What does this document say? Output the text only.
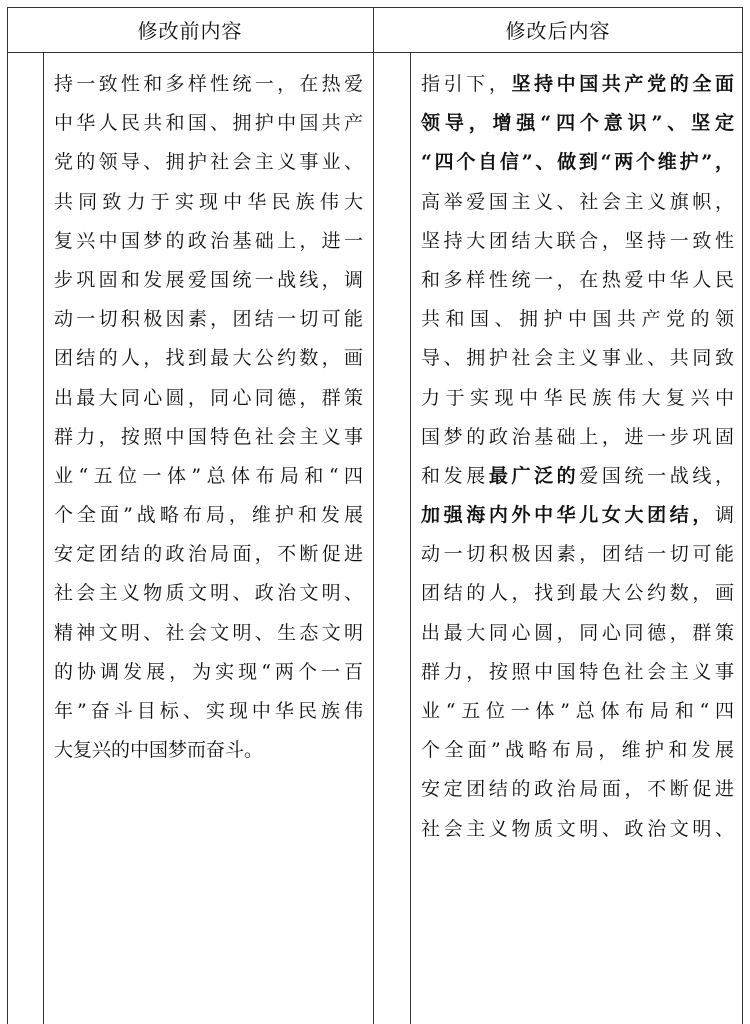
修改前内容	修改后内容
持一致性和多样性统一，在热爱
中华人民共和国、拥护中国共产
党的领导、拥护社会主义事业、
共同致力于实现中华民族伟大
复兴中国梦的政治基础上，进一
步巩固和发展爱国统一战线，调
动一切积极因素，团结一切可能
团结的人，找到最大公约数，画
出最大同心圆，同心同德，群策
群力，按照中国特色社会主义事
业“五位一体”总体布局和“四
个全面”战略布局，维护和发展
安定团结的政治局面，不断促进
社会主义物质文明、政治文明、
精神文明、社会文明、生态文明
的协调发展，为实现“两个一百
年”奋斗目标、实现中华民族伟
大复兴的中国梦而奋斗。
指引下，坚持中国共产党的全面
领导，增强“四个意识”、坚定
“四个自信”、做到“两个维护”，
高举爱国主义、社会主义旗帜，
坚持大团结大联合，坚持一致性
和多样性统一，在热爱中华人民
共和国、拥护中国共产党的领
导、拥护社会主义事业、共同致
力于实现中华民族伟大复兴中
国梦的政治基础上，进一步巩固
和发展最广泛的爱国统一战线，
加强海内外中华儿女大团结，调
动一切积极因素，团结一切可能
团结的人，找到最大公约数，画
出最大同心圆，同心同德，群策
群力，按照中国特色社会主义事
业“五位一体”总体布局和“四
个全面”战略布局，维护和发展
安定团结的政治局面，不断促进
社会主义物质文明、政治文明、
